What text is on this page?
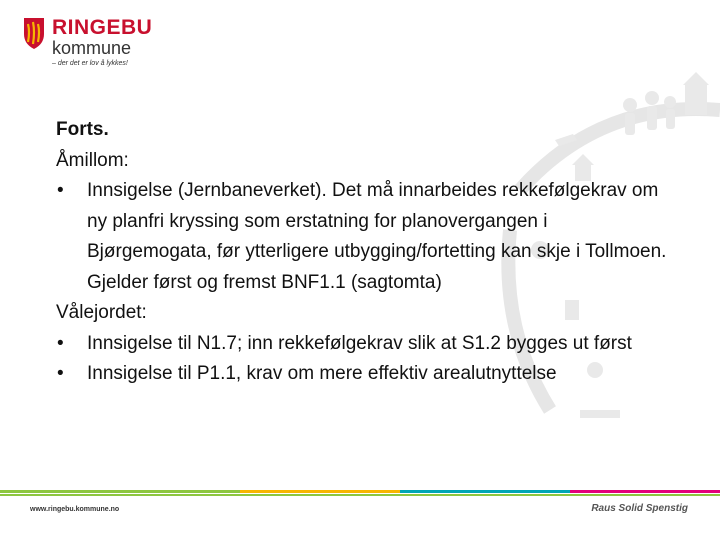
RINGEBU
kommune
– der det er lov å lykkes!
Forts.
Åmillom:
• Innsigelse (Jernbaneverket). Det må innarbeides rekkefølgekrav om ny planfri kryssing som erstatning for planovergangen i Bjørgemogata, før ytterligere utbygging/fortetting kan skje i Tollmoen. Gjelder først og fremst BNF1.1 (sagtomta)
Vålejordet:
• Innsigelse til N1.7; inn rekkefølgekrav slik at S1.2 bygges ut først
• Innsigelse til P1.1, krav om mere effektiv arealutnyttelse
www.ringebu.kommune.no	Raus Solid Spenstig
